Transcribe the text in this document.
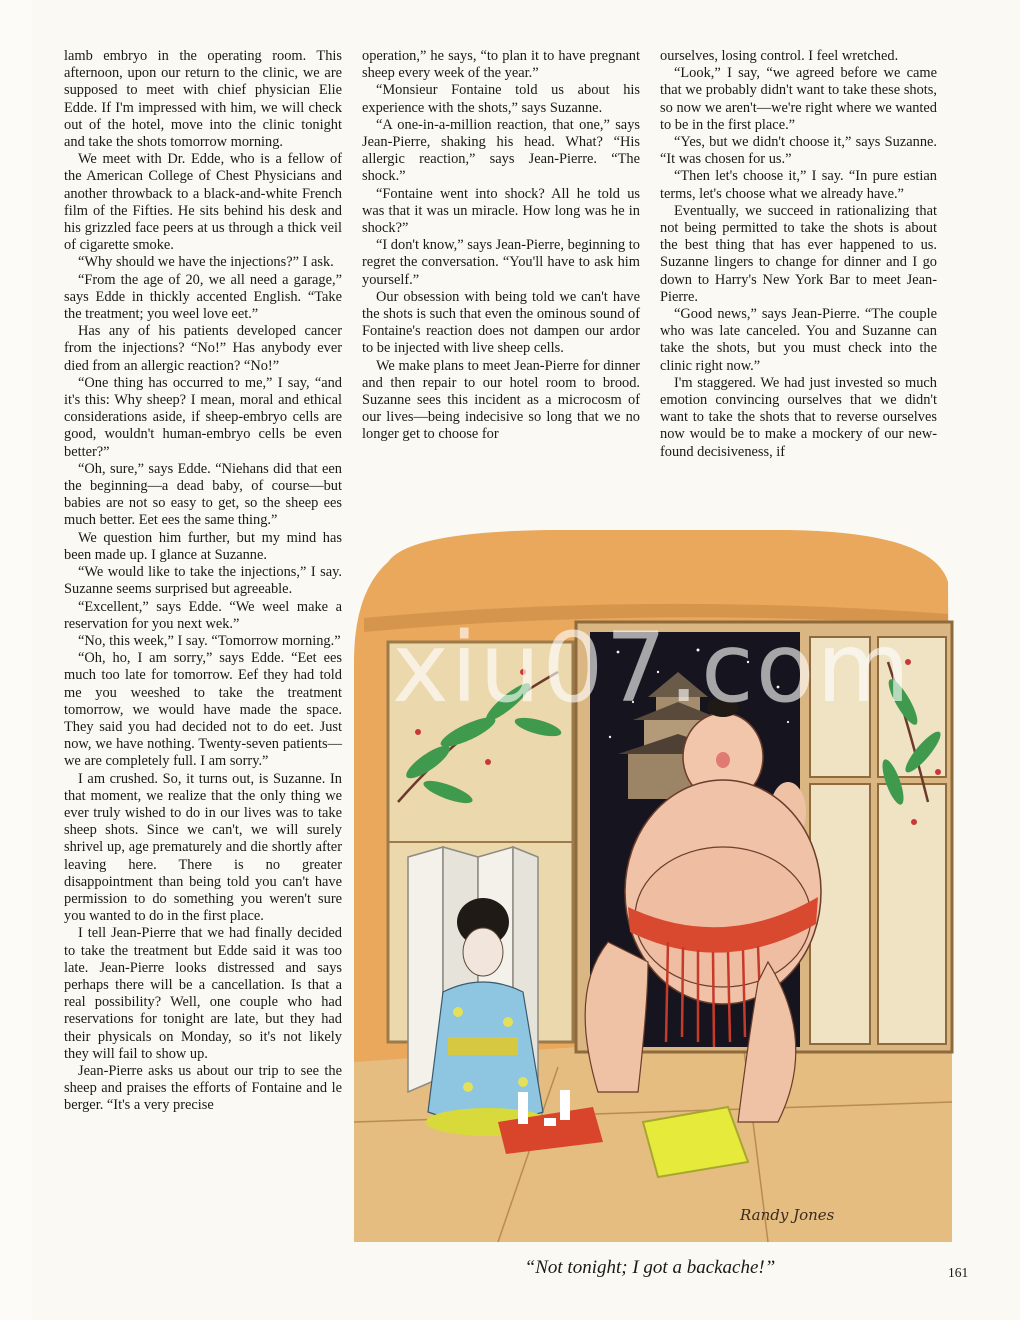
lamb embryo in the operating room. This afternoon, upon our return to the clinic, we are supposed to meet with chief physician Elie Edde. If I'm impressed with him, we will check out of the hotel, move into the clinic tonight and take the shots tomorrow morning.

We meet with Dr. Edde, who is a fellow of the American College of Chest Physicians and another throwback to a black-and-white French film of the Fifties. He sits behind his desk and his grizzled face peers at us through a thick veil of cigarette smoke.

“Why should we have the injections?” I ask.

“From the age of 20, we all need a garage,” says Edde in thickly accented English. “Take the treatment; you weel love eet.”

Has any of his patients developed cancer from the injections? “No!” Has anybody ever died from an allergic reaction? “No!”

“One thing has occurred to me,” I say, “and it's this: Why sheep? I mean, moral and ethical considerations aside, if sheep-embryo cells are good, wouldn't human-embryo cells be even better?”

“Oh, sure,” says Edde. “Niehans did that een the beginning—a dead baby, of course—but babies are not so easy to get, so the sheep ees much better. Eet ees the same thing.”

We question him further, but my mind has been made up. I glance at Suzanne.

“We would like to take the injections,” I say. Suzanne seems surprised but agreeable.

“Excellent,” says Edde. “We weel make a reservation for you next wek.”

“No, this week,” I say. “Tomorrow morning.”

“Oh, ho, I am sorry,” says Edde. “Eet ees much too late for tomorrow. Eef they had told me you weeshed to take the treatment tomorrow, we would have made the space. They said you had decided not to do eet. Just now, we have nothing. Twenty-seven patients—we are completely full. I am sorry.”

I am crushed. So, it turns out, is Suzanne. In that moment, we realize that the only thing we ever truly wished to do in our lives was to take sheep shots. Since we can't, we will surely shrivel up, age prematurely and die shortly after leaving here. There is no greater disappointment than being told you can't have permission to do something you weren't sure you wanted to do in the first place.

I tell Jean-Pierre that we had finally decided to take the treatment but Edde said it was too late. Jean-Pierre looks distressed and says perhaps there will be a cancellation. Is that a real possibility? Well, one couple who had reservations for tonight are late, but they had their physicals on Monday, so it's not likely they will fail to show up.

Jean-Pierre asks us about our trip to see the sheep and praises the efforts of Fontaine and le berger. “It's a very precise

operation,” he says, “to plan it to have pregnant sheep every week of the year.”

“Monsieur Fontaine told us about his experience with the shots,” says Suzanne.

“A one-in-a-million reaction, that one,” says Jean-Pierre, shaking his head. What? “His allergic reaction,” says Jean-Pierre. “The shock.”

“Fontaine went into shock? All he told us was that it was un miracle. How long was he in shock?”

“I don't know,” says Jean-Pierre, beginning to regret the conversation. “You'll have to ask him yourself.”

Our obsession with being told we can't have the shots is such that even the ominous sound of Fontaine's reaction does not dampen our ardor to be injected with live sheep cells.

We make plans to meet Jean-Pierre for dinner and then repair to our hotel room to brood. Suzanne sees this incident as a microcosm of our lives—being indecisive so long that we no longer get to choose for

ourselves, losing control. I feel wretched.

“Look,” I say, “we agreed before we came that we probably didn't want to take these shots, so now we aren't—we're right where we wanted to be in the first place.”

“Yes, but we didn't choose it,” says Suzanne. “It was chosen for us.”

“Then let's choose it,” I say. “In pure estian terms, let's choose what we already have.”

Eventually, we succeed in rationalizing that not being permitted to take the shots is about the best thing that has ever happened to us. Suzanne lingers to change for dinner and I go down to Harry's New York Bar to meet Jean-Pierre.

“Good news,” says Jean-Pierre. “The couple who was late canceled. You and Suzanne can take the shots, but you must check into the clinic right now.”

I'm staggered. We had just invested so much emotion convincing ourselves that we didn't want to take the shots that to reverse ourselves now would be to make a mockery of our new-found decisiveness, if

xiu07.com
Randy Jones
“Not tonight; I got a backache!”	161
